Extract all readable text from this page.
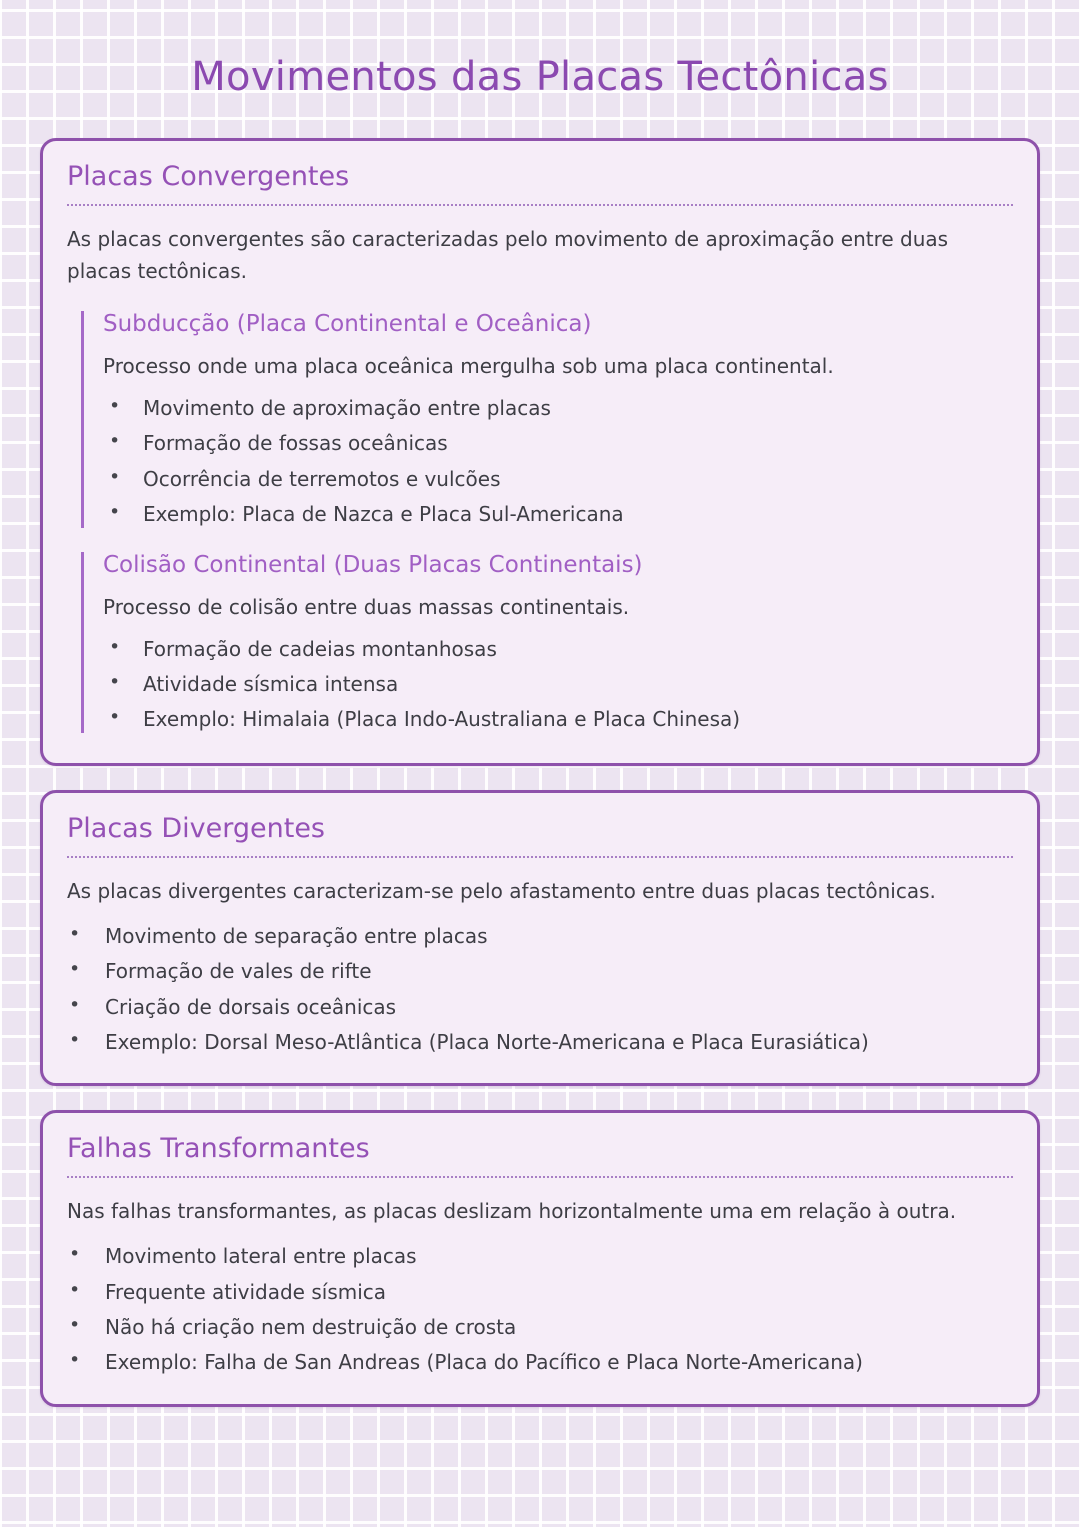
Movimentos das Placas Tectônicas
Placas Convergentes

As placas convergentes são caracterizadas pelo movimento de aproximação entre duas placas tectônicas.

Subducção (Placa Continental e Oceânica)

Processo onde uma placa oceânica mergulha sob uma placa continental.

• Movimento de aproximação entre placas
• Formação de fossas oceânicas
• Ocorrência de terremotos e vulcões
• Exemplo: Placa de Nazca e Placa Sul-Americana
Colisão Continental (Duas Placas Continentais)

Processo de colisão entre duas massas continentais.

• Formação de cadeias montanhosas
• Atividade sísmica intensa
• Exemplo: Himalaia (Placa Indo-Australiana e Placa Chinesa)
Placas Divergentes

As placas divergentes caracterizam-se pelo afastamento entre duas placas tectônicas.

• Movimento de separação entre placas
• Formação de vales de rifte
• Criação de dorsais oceânicas
• Exemplo: Dorsal Meso-Atlântica (Placa Norte-Americana e Placa Eurasiática)
Falhas Transformantes

Nas falhas transformantes, as placas deslizam horizontalmente uma em relação à outra.

• Movimento lateral entre placas
• Frequente atividade sísmica
• Não há criação nem destruição de crosta
• Exemplo: Falha de San Andreas (Placa do Pacífico e Placa Norte-Americana)
